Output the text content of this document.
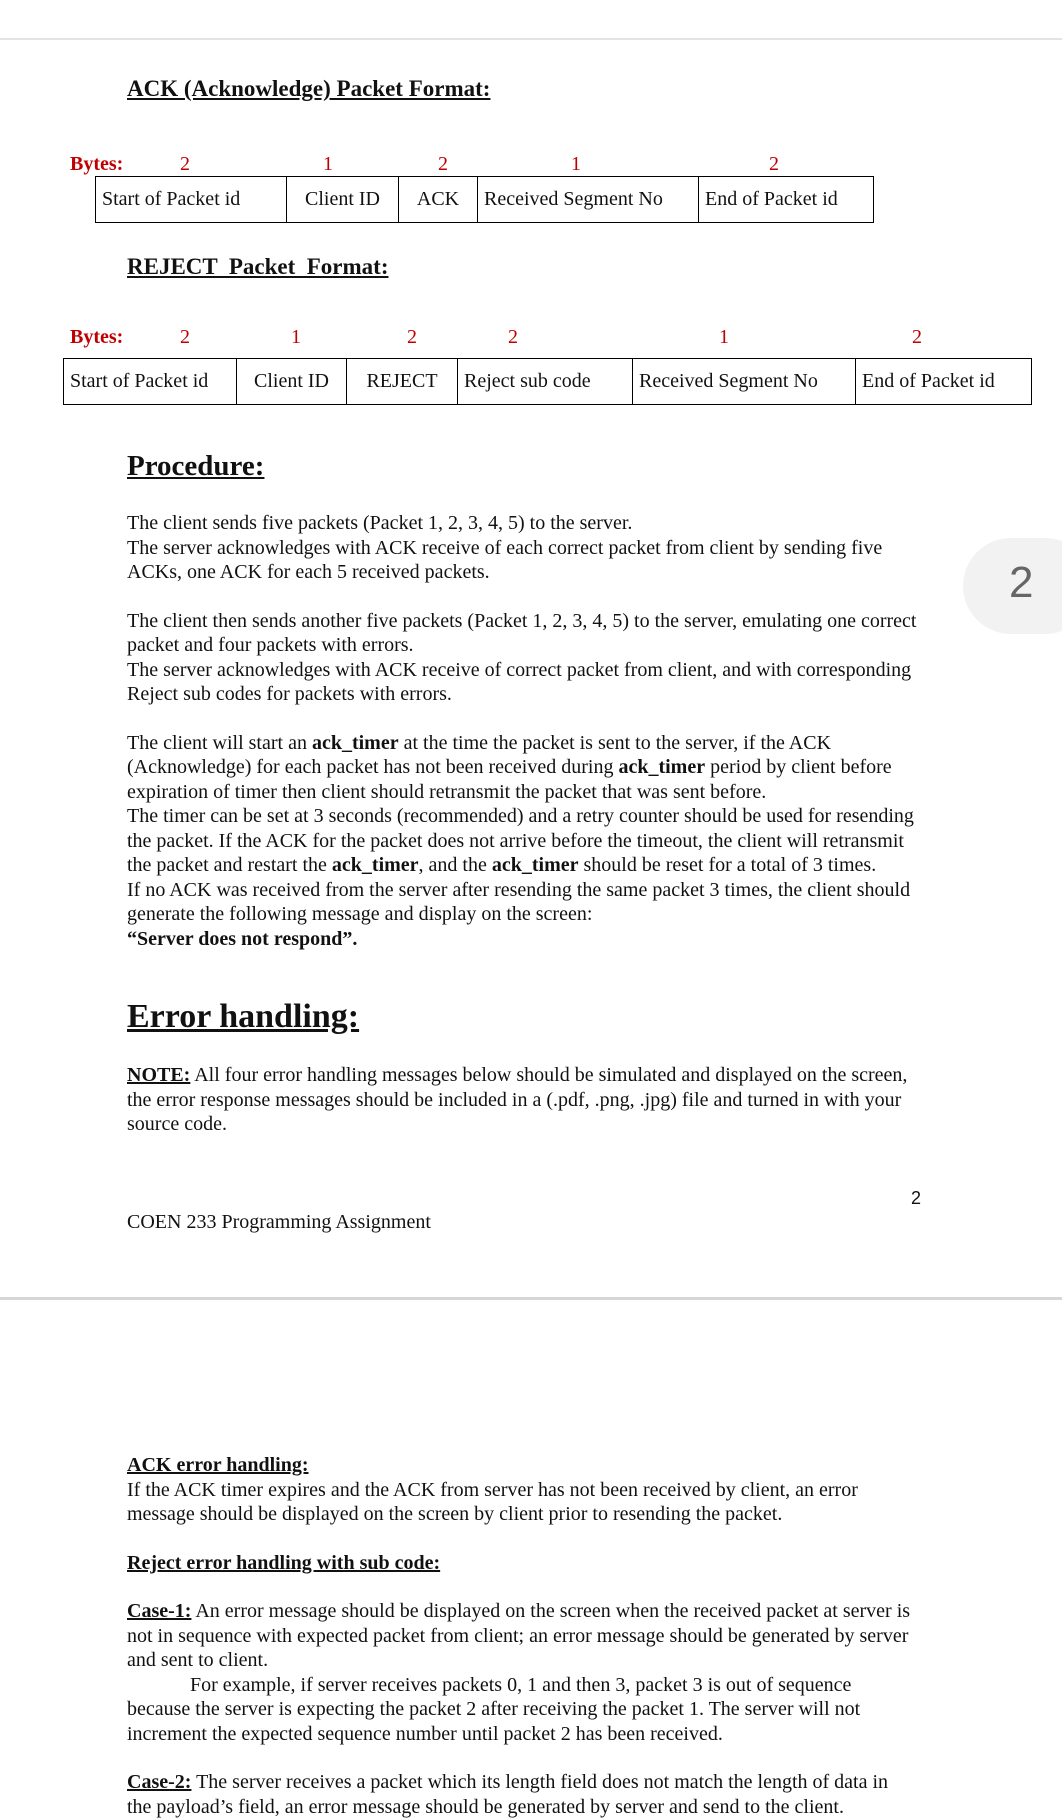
ACK (Acknowledge) Packet Format:
Bytes:	2	1	2	1	2
Start of Packet id	Client ID	ACK	Received Segment No	End of Packet id
REJECT  Packet  Format:
Bytes:	2	1	2	2	1	2
Start of Packet id	Client ID	REJECT	Reject sub code	Received Segment No	End of Packet id
Procedure:

The client sends five packets (Packet 1, 2, 3, 4, 5) to the server.

The server acknowledges with ACK receive of each correct packet from client by sending five ACKs, one ACK for each 5 received packets.

The client then sends another five packets (Packet 1, 2, 3, 4, 5) to the server, emulating one correct packet and four packets with errors.

The server acknowledges with ACK receive of correct packet from client, and with corresponding Reject sub codes for packets with errors.

The client will start an ack_timer at the time the packet is sent to the server, if the ACK (Acknowledge) for each packet has not been received during ack_timer period by client before expiration of timer then client should retransmit the packet that was sent before.

The timer can be set at 3 seconds (recommended) and a retry counter should be used for resending the packet. If the ACK for the packet does not arrive before the timeout, the client will retransmit the packet and restart the ack_timer, and the ack_timer should be reset for a total of 3 times.

If no ACK was received from the server after resending the same packet 3 times, the client should generate the following message and display on the screen:

“Server does not respond”.

Error handling:

NOTE: All four error handling messages below should be simulated and displayed on the screen, the error response messages should be included in a (.pdf, .png, .jpg) file and turned in with your source code.

2
COEN 233 Programming Assignment
2

ACK error handling:

If the ACK timer expires and the ACK from server has not been received by client, an error message should be displayed on the screen by client prior to resending the packet.

Reject error handling with sub code:

Case-1: An error message should be displayed on the screen when the received packet at server is not in sequence with expected packet from client; an error message should be generated by server and sent to client.

For example, if server receives packets 0, 1 and then 3, packet 3 is out of sequence because the server is expecting the packet 2 after receiving the packet 1. The server will not increment the expected sequence number until packet 2 has been received.

Case-2: The server receives a packet which its length field does not match the length of data in the payload’s field, an error message should be generated by server and send to the client.
